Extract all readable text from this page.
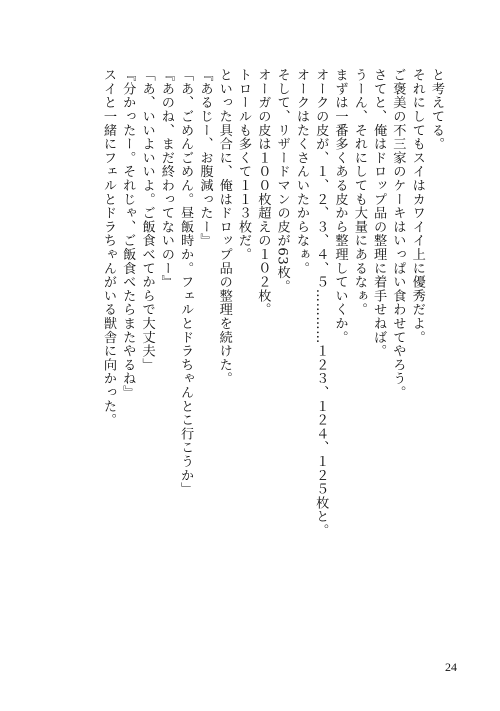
と考えてる。
それにしてもスイはカワイイ上に優秀だよ。
ご褒美の不三家のケーキはいっぱい食わせてやろう。
さてと、俺はドロップ品の整理に着手せねば。
うーん、それにしても大量にあるなぁ。
まずは一番多くある皮から整理していくか。
オークの皮が、１、２、３、４、５…………１２３、１２４、１２５枚と。
オークはたくさんいたからなぁ。
そして、リザードマンの皮が63枚。
オーガの皮は１００枚超えの１０２枚。
トロールも多くて１１３枚だ。
といった具合に、俺はドロップ品の整理を続けた。
『あるじー、お腹減ったー』
「あ、ごめんごめん。昼飯時か。フェルとドラちゃんとこ行こうか」
『あのね、まだ終わってないのー』
「あ、いいよいいよ。ご飯食べてからで大丈夫」
『分かったー。それじゃ、ご飯食べたらまたやるね』
スイと一緒にフェルとドラちゃんがいる獣舎に向かった。
24
